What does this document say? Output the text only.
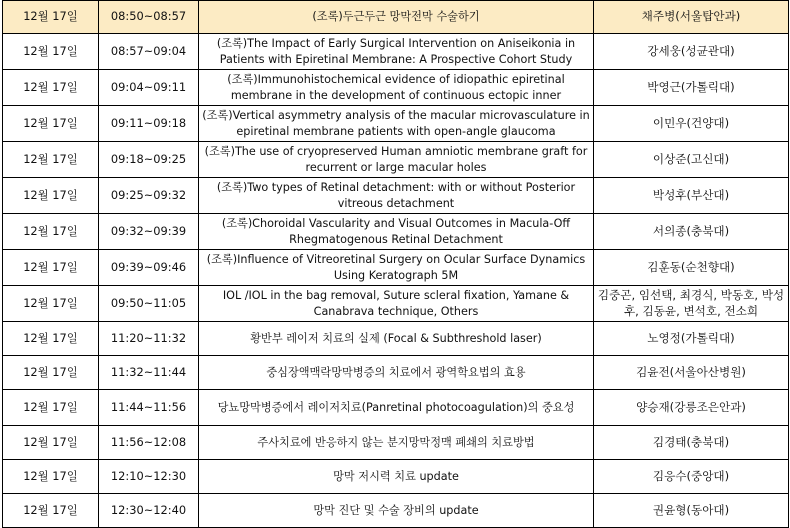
12월 17일	08:50~08:57	(조록)두근두근 망막전막 수술하기	채주병(서울탑안과)
12월 17일	08:57~09:04	(조록)The Impact of Early Surgical Intervention on Aniseikonia in Patients with Epiretinal Membrane: A Prospective Cohort Study	강세웅(성균관대)
12월 17일	09:04~09:11	(조록)Immunohistochemical evidence of idiopathic epiretinal membrane in the development of continuous ectopic inner	박영근(가톨릭대)
12월 17일	09:11~09:18	(조록)Vertical asymmetry analysis of the macular microvasculature in epiretinal membrane patients with open-angle glaucoma	이민우(건양대)
12월 17일	09:18~09:25	(조록)The use of cryopreserved Human amniotic membrane graft for recurrent or large macular holes	이상준(고신대)
12월 17일	09:25~09:32	(조록)Two types of Retinal detachment: with or without Posterior vitreous detachment	박성후(부산대)
12월 17일	09:32~09:39	(조록)Choroidal Vascularity and Visual Outcomes in Macula-Off Rhegmatogenous Retinal Detachment	서의종(충북대)
12월 17일	09:39~09:46	(조록)Influence of Vitreoretinal Surgery on Ocular Surface Dynamics Using Keratograph 5M	김훈동(순천향대)
12월 17일	09:50~11:05	IOL /IOL in the bag removal, Suture scleral fixation, Yamane & Canabrava technique, Others	김중곤, 임선택, 최경식, 박동호, 박성후, 김동윤, 변석호, 전소희
12월 17일	11:20~11:32	황반부 레이저 치료의 실제 (Focal & Subthreshold laser)	노영정(가톨릭대)
12월 17일	11:32~11:44	중심장액맥락망막병증의 치료에서 광역학요법의 효용	김윤전(서울아산병원)
12월 17일	11:44~11:56	당뇨망막병증에서 레이저치료(Panretinal photocoagulation)의 중요성	양승재(강릉조은안과)
12월 17일	11:56~12:08	주사치료에 반응하지 않는 분지망막정맥 폐쇄의 치료방법	김경태(충북대)
12월 17일	12:10~12:30	망막 저시력 치료 update	김응수(중앙대)
12월 17일	12:30~12:40	망막 진단 및 수술 장비의 update	권윤형(동아대)
